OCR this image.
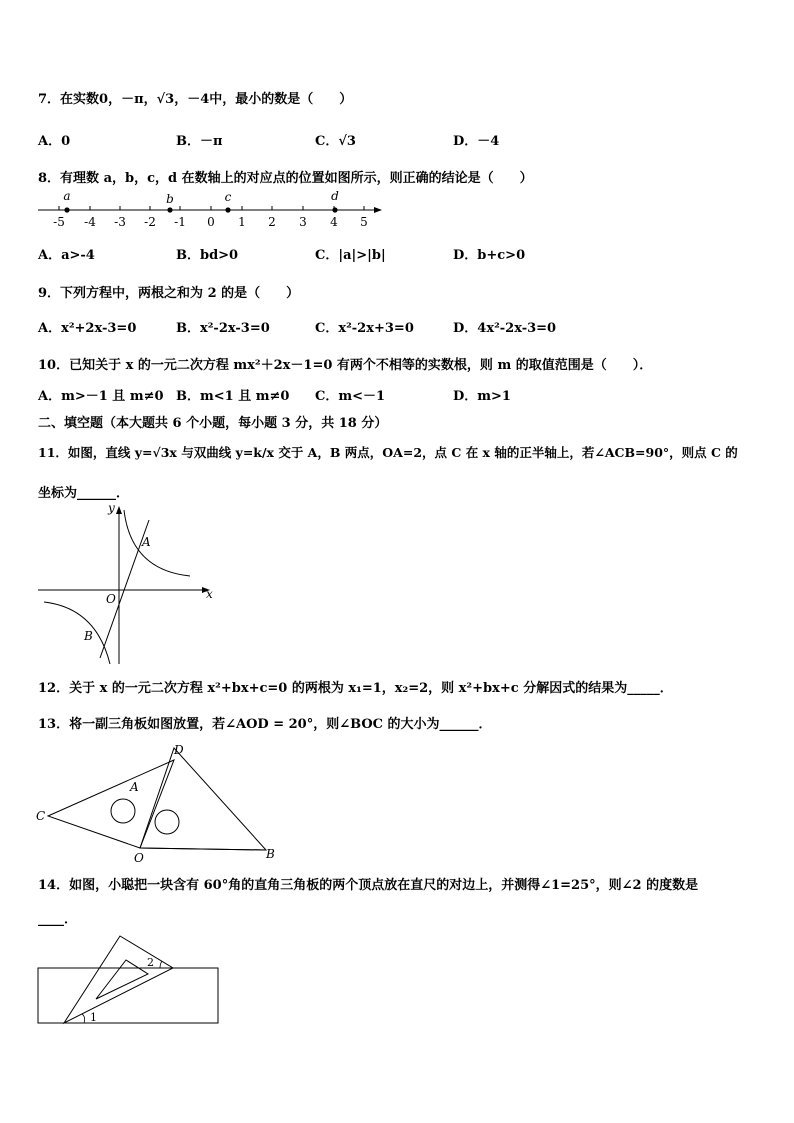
7．在实数0，－π，√3，－4中，最小的数是（　　）
A．0	B．－π	C．√3	D．－4
8．有理数 a，b，c，d 在数轴上的对应点的位置如图所示，则正确的结论是（　　）
-5 -4 -3 -2 -1 0 1 2 3 4 5
a	b	c	d
A．a>-4	B．bd>0	C．|a|>|b|	D．b+c>0
9．下列方程中，两根之和为 2 的是（　　）
A．x²+2x-3=0	B．x²-2x-3=0	C．x²-2x+3=0	D．4x²-2x-3=0
10．已知关于 x 的一元二次方程 mx²＋2x－1=0 有两个不相等的实数根，则 m 的取值范围是（　　）．
A．m>－1 且 m≠0 B．m<1 且 m≠0 C．m<－1	D．m>1
二、填空题（本大题共 6 个小题，每小题 3 分，共 18 分）
11．如图，直线 y=√3x 与双曲线 y=k/x 交于 A，B 两点，OA=2，点 C 在 x 轴的正半轴上，若∠ACB=90°，则点 C 的
坐标为______．
x
y
O
A
B
12．关于 x 的一元二次方程 x²+bx+c=0 的两根为 x₁=1，x₂=2，则 x²+bx+c 分解因式的结果为_____．
13．将一副三角板如图放置，若∠AOD = 20°，则∠BOC 的大小为______．
D
A
C
O	B
14．如图，小聪把一块含有 60°角的直角三角板的两个顶点放在直尺的对边上，并测得∠1=25°，则∠2 的度数是
____．
1
2
